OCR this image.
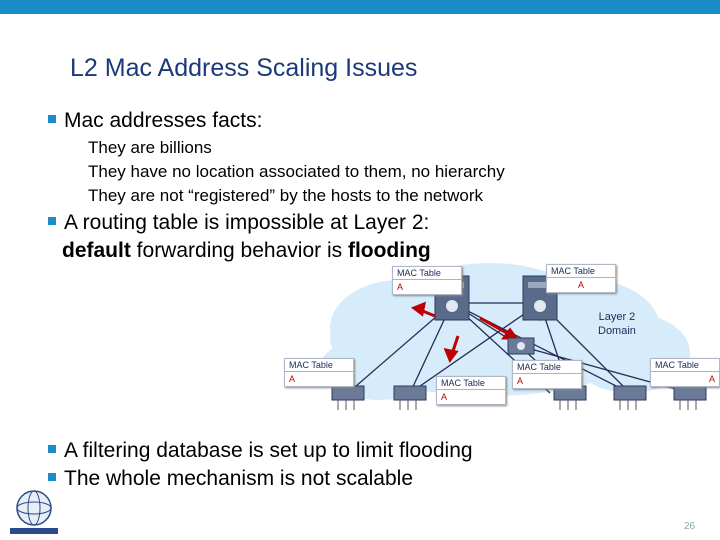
L2 Mac Address Scaling Issues
Mac addresses facts:
They are billions
They have no location associated to them, no hierarchy
They are not “registered” by the hosts to the network
A routing table is impossible at Layer 2:
default forwarding behavior is flooding
Layer 2
Domain
MAC Table
A
MAC Table
A
MAC Table
A	MAC Table
A
MAC Table
A
MAC Table
A
A filtering database is set up to limit flooding
The whole mechanism is not scalable
26
